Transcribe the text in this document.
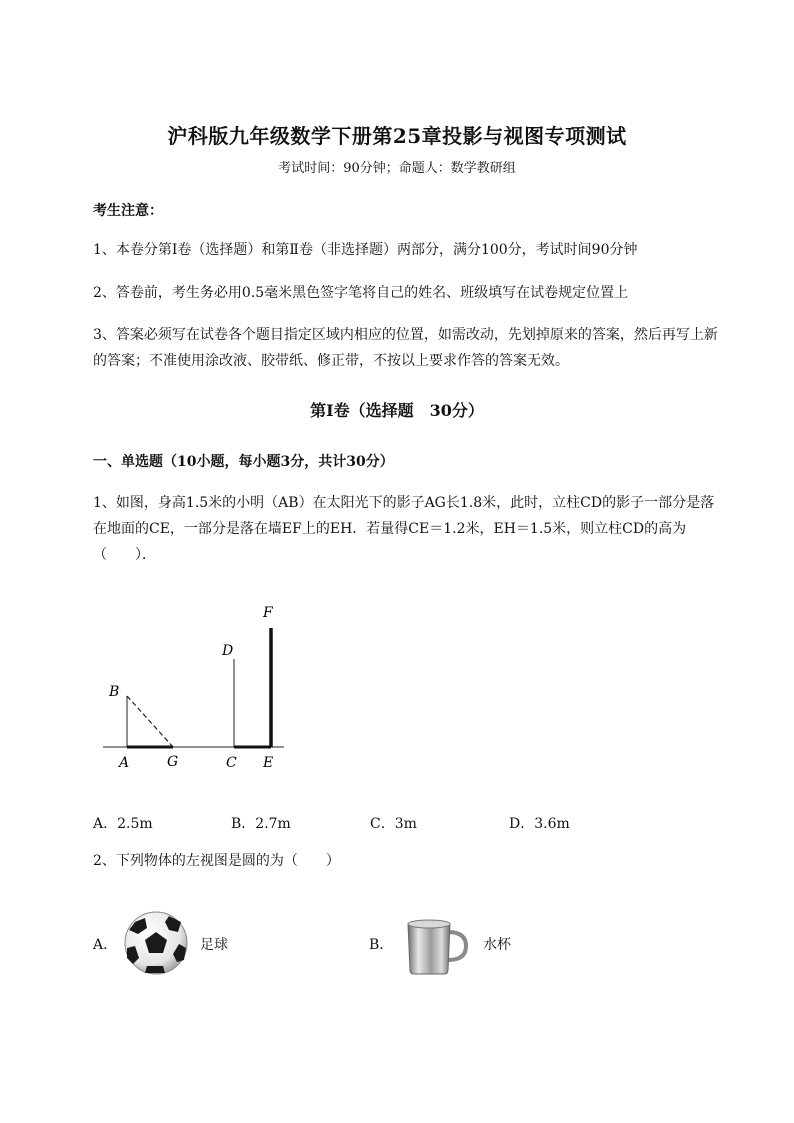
沪科版九年级数学下册第25章投影与视图专项测试
考试时间：90分钟；命题人：数学教研组
考生注意：
1、本卷分第I卷（选择题）和第Ⅱ卷（非选择题）两部分，满分100分，考试时间90分钟
2、答卷前，考生务必用0.5毫米黑色签字笔将自己的姓名、班级填写在试卷规定位置上
3、答案必须写在试卷各个题目指定区域内相应的位置，如需改动，先划掉原来的答案，然后再写上新的答案；不准使用涂改液、胶带纸、修正带，不按以上要求作答的答案无效。
第I卷（选择题　30分）
一、单选题（10小题，每小题3分，共计30分）
1、如图，身高1.5米的小明（AB）在太阳光下的影子AG长1.8米，此时，立柱CD的影子一部分是落在地面的CE，一部分是落在墙EF上的EH．若量得CE＝1.2米，EH＝1.5米，则立柱CD的高为（　　）．
B
A	G
D
C E
F
A．2.5m	B．2.7m	C．3m	D．3.6m
2、下列物体的左视图是圆的为（　　）
A．	足球	B．	水杯
